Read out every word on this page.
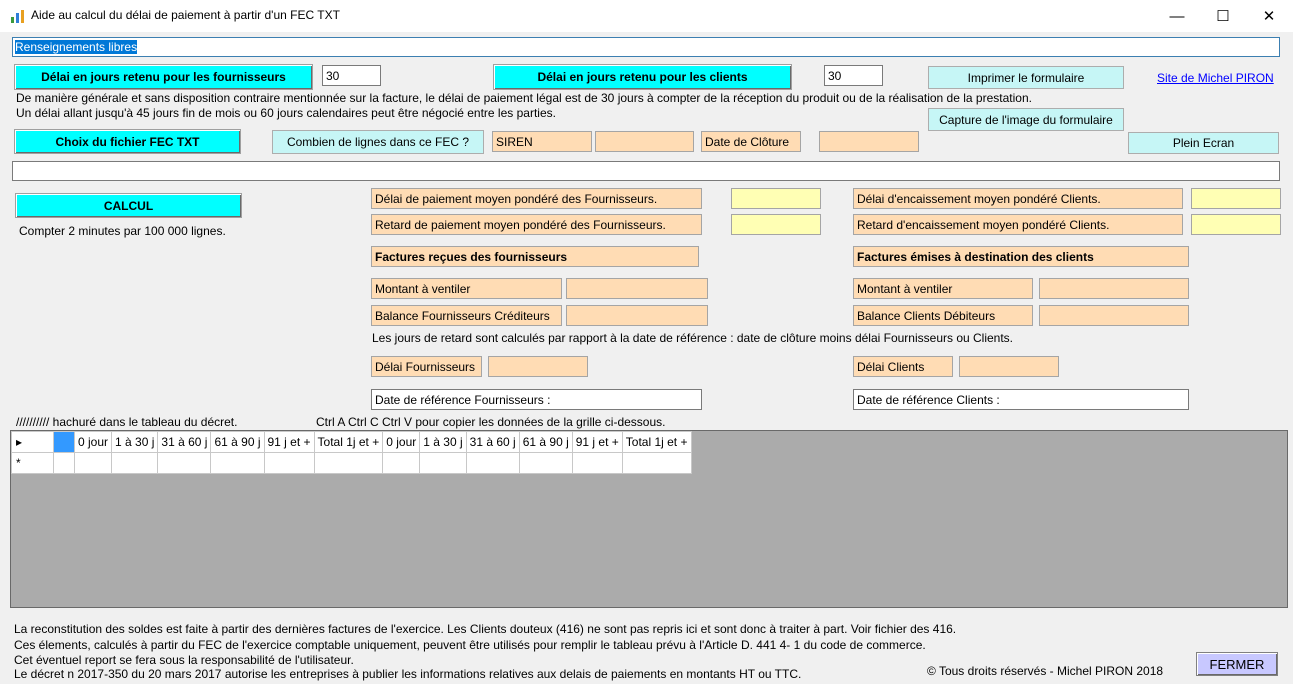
Aide au calcul du délai de paiement à partir d'un FEC TXT	—	☐	✕
Renseignements libres
Délai en jours retenu pour les fournisseurs
30	Délai en jours retenu pour les clients
30	Imprimer le formulaire	Site de Michel PIRON
De manière générale et sans disposition contraire mentionnée sur la facture, le délai de paiement légal est de 30 jours à compter de la réception du produit ou de la réalisation de la prestation.
Un délai allant jusqu'à 45 jours fin de mois ou 60 jours calendaires peut être négocié entre les parties.	Capture de l'image du formulaire
Choix du fichier FEC TXT	Combien de lignes dans ce FEC ?	SIREN	Date de Clôture	Plein Ecran
CALCUL
Compter 2 minutes par 100 000 lignes.
Délai de paiement moyen pondéré des Fournisseurs.
Retard de paiement moyen pondéré des Fournisseurs.
Délai d'encaissement moyen pondéré Clients.
Retard d'encaissement moyen pondéré Clients.
Factures reçues des fournisseurs	Factures émises à destination des clients
Montant à ventiler	Montant à ventiler
Balance Fournisseurs Créditeurs	Balance Clients Débiteurs
Les jours de retard sont calculés par rapport à la date de référence : date de clôture moins délai Fournisseurs ou Clients.
Délai Fournisseurs	Délai Clients
Date de référence Fournisseurs :	Date de référence Clients :
////////// hachuré dans le tableau du décret.	Ctrl A Ctrl C Ctrl V pour copier les données de la grille ci-dessous.
▸		0 jour	1 à 30 j	31 à 60 j	61 à 90 j	91 j et +	Total 1j et +	0 jour	1 à 30 j	31 à 60 j	61 à 90 j	91 j et +	Total 1j et +
*													
La reconstitution des soldes est faite à partir des dernières factures de l'exercice. Les Clients douteux (416) ne sont pas repris ici et sont donc à traiter à part. Voir fichier des 416.
Ces élements, calculés à partir du FEC de l'exercice comptable uniquement, peuvent être utilisés pour remplir le tableau prévu à l'Article D. 441 4- 1 du code de commerce.
Cet éventuel report se fera sous la responsabilité de l'utilisateur.
Le décret n 2017-350 du 20 mars 2017 autorise les entreprises à publier les informations relatives aux delais de paiements en montants HT ou TTC.	© Tous droits réservés - Michel PIRON 2018	FERMER
